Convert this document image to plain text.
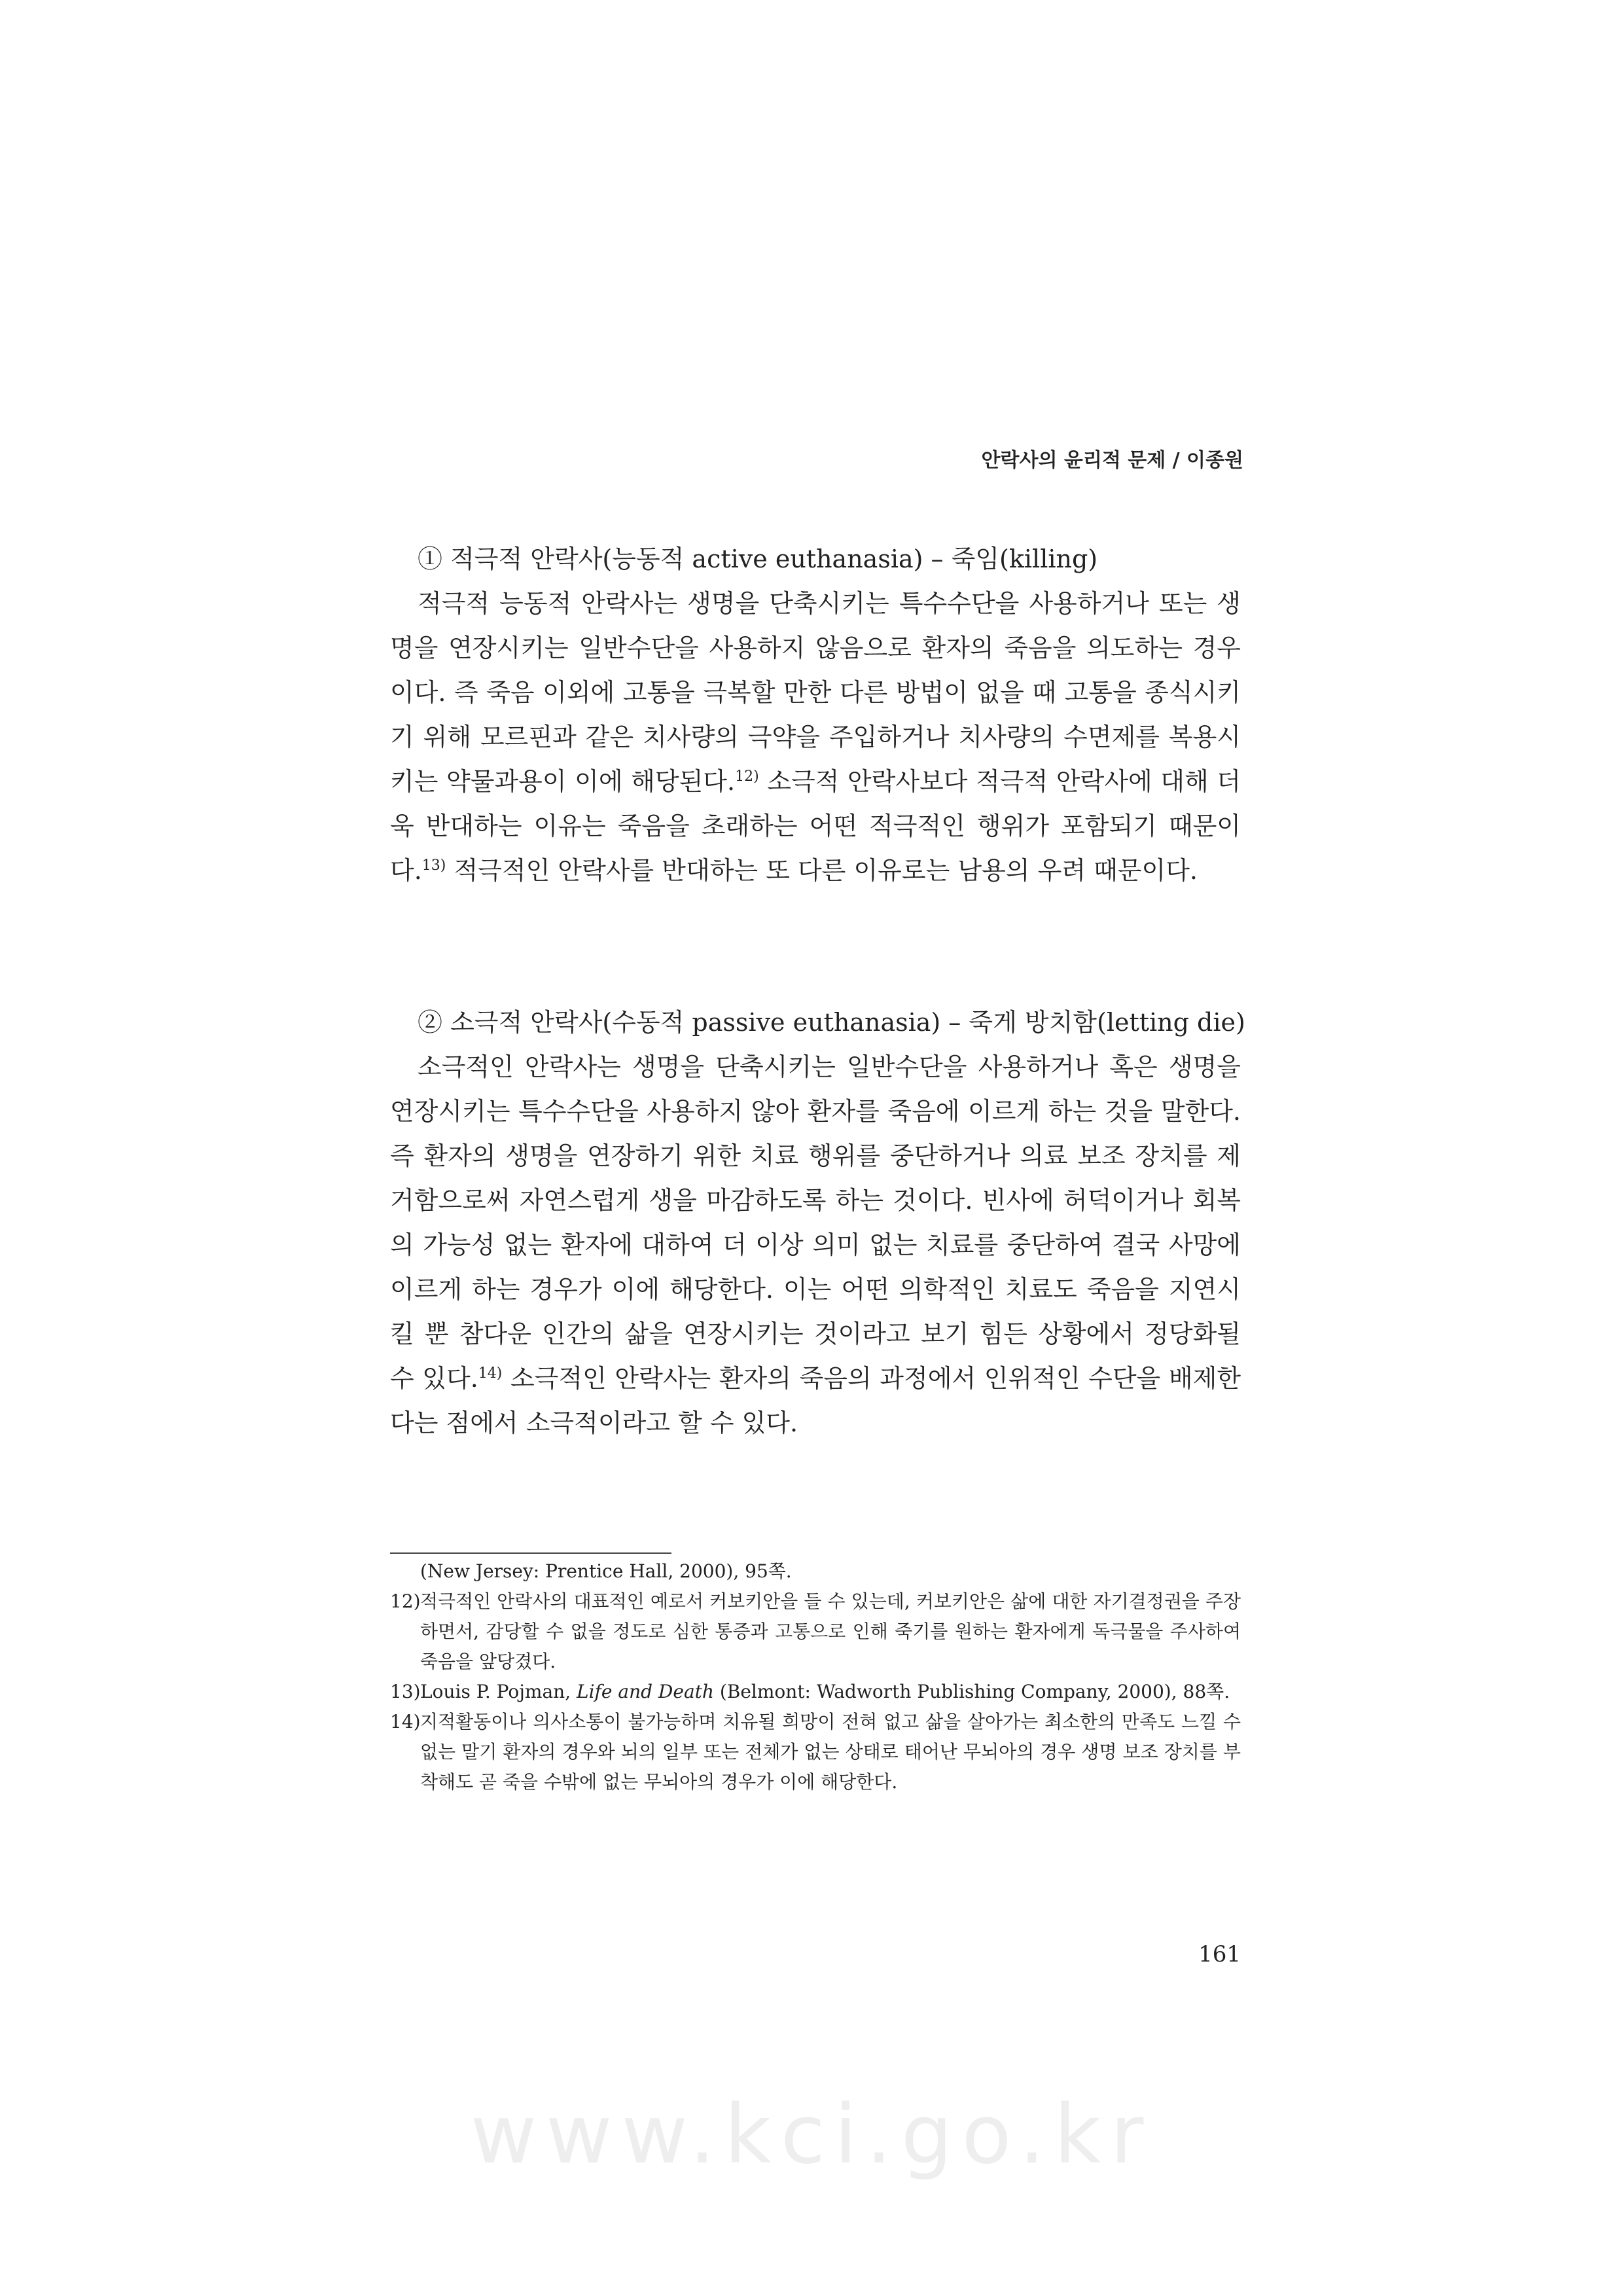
안락사의 윤리적 문제 / 이종원

① 적극적 안락사(능동적 active euthanasia) – 죽임(killing)

적극적 능동적 안락사는 생명을 단축시키는 특수수단을 사용하거나 또는 생명을 연장시키는 일반수단을 사용하지 않음으로 환자의 죽음을 의도하는 경우이다. 즉 죽음 이외에 고통을 극복할 만한 다른 방법이 없을 때 고통을 종식시키기 위해 모르핀과 같은 치사량의 극약을 주입하거나 치사량의 수면제를 복용시키는 약물과용이 이에 해당된다.$^{12)}$ 소극적 안락사보다 적극적 안락사에 대해 더욱 반대하는 이유는 죽음을 초래하는 어떤 적극적인 행위가 포함되기 때문이다.$^{13)}$ 적극적인 안락사를 반대하는 또 다른 이유로는 남용의 우려 때문이다.

② 소극적 안락사(수동적 passive euthanasia) – 죽게 방치함(letting die)

소극적인 안락사는 생명을 단축시키는 일반수단을 사용하거나 혹은 생명을 연장시키는 특수수단을 사용하지 않아 환자를 죽음에 이르게 하는 것을 말한다. 즉 환자의 생명을 연장하기 위한 치료 행위를 중단하거나 의료 보조 장치를 제거함으로써 자연스럽게 생을 마감하도록 하는 것이다. 빈사에 허덕이거나 회복의 가능성 없는 환자에 대하여 더 이상 의미 없는 치료를 중단하여 결국 사망에 이르게 하는 경우가 이에 해당한다. 이는 어떤 의학적인 치료도 죽음을 지연시킬 뿐 참다운 인간의 삶을 연장시키는 것이라고 보기 힘든 상황에서 정당화될 수 있다.$^{14)}$ 소극적인 안락사는 환자의 죽음의 과정에서 인위적인 수단을 배제한다는 점에서 소극적이라고 할 수 있다.

(New Jersey: Prentice Hall, 2000), 95쪽.

12)적극적인 안락사의 대표적인 예로서 커보키안을 들 수 있는데, 커보키안은 삶에 대한 자기결정권을 주장하면서, 감당할 수 없을 정도로 심한 통증과 고통으로 인해 죽기를 원하는 환자에게 독극물을 주사하여 죽음을 앞당겼다.

13)Louis P. Pojman, Life and Death (Belmont: Wadworth Publishing Company, 2000), 88쪽.

14)지적활동이나 의사소통이 불가능하며 치유될 희망이 전혀 없고 삶을 살아가는 최소한의 만족도 느낄 수 없는 말기 환자의 경우와 뇌의 일부 또는 전체가 없는 상태로 태어난 무뇌아의 경우 생명 보조 장치를 부착해도 곧 죽을 수밖에 없는 무뇌아의 경우가 이에 해당한다.

161
www.kci.go.kr
